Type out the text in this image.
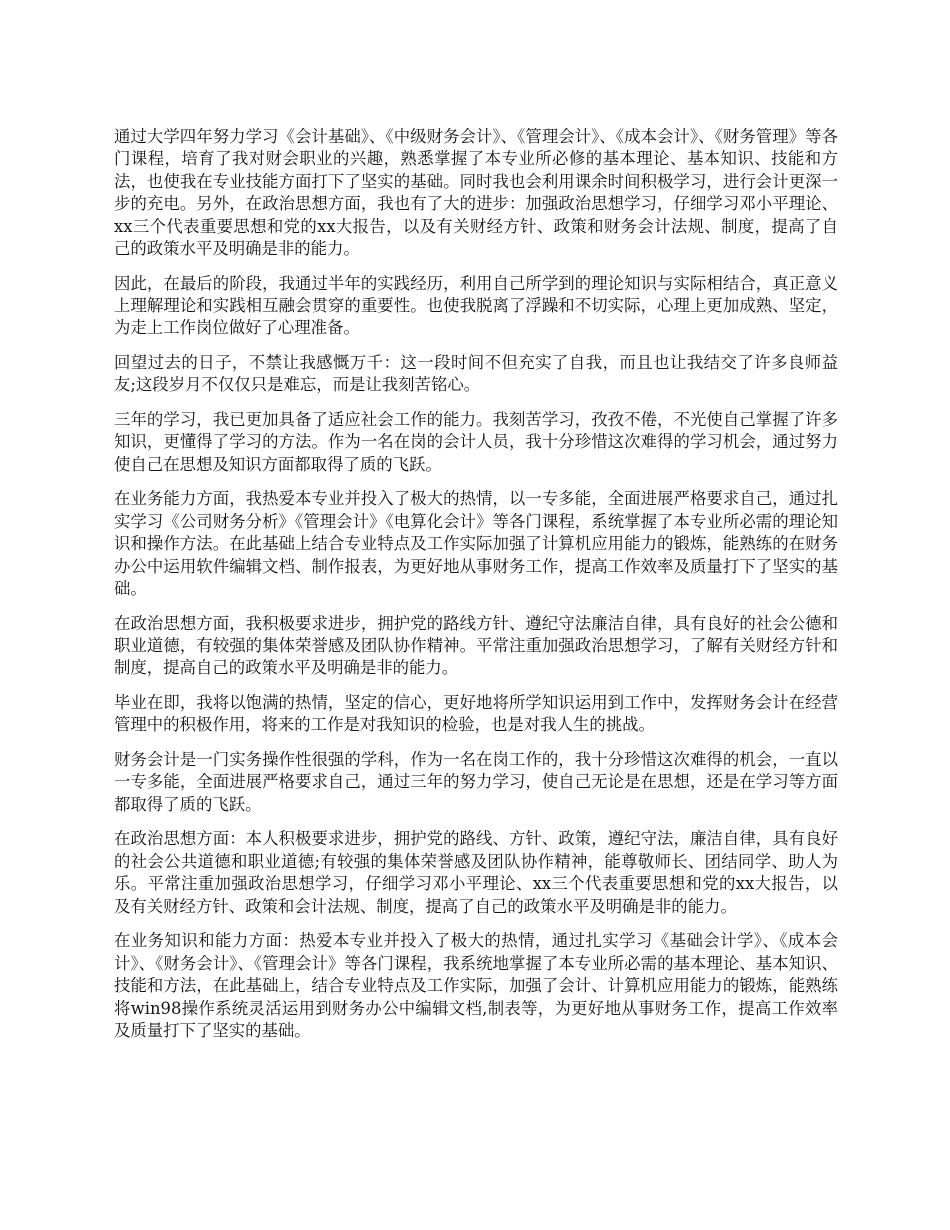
通过大学四年努力学习《会计基础》、《中级财务会计》、《管理会计》、《成本会计》、《财务管理》等各门课程，培育了我对财会职业的兴趣，熟悉掌握了本专业所必修的基本理论、基本知识、技能和方法，也使我在专业技能方面打下了坚实的基础。同时我也会利用课余时间积极学习，进行会计更深一步的充电。另外，在政治思想方面，我也有了大的进步：加强政治思想学习，仔细学习邓小平理论、xx三个代表重要思想和党的xx大报告，以及有关财经方针、政策和财务会计法规、制度，提高了自己的政策水平及明确是非的能力。

因此，在最后的阶段，我通过半年的实践经历，利用自己所学到的理论知识与实际相结合，真正意义上理解理论和实践相互融会贯穿的重要性。也使我脱离了浮躁和不切实际，心理上更加成熟、坚定，为走上工作岗位做好了心理准备。

回望过去的日子，不禁让我感慨万千：这一段时间不但充实了自我，而且也让我结交了许多良师益友;这段岁月不仅仅只是难忘，而是让我刻苦铭心。

三年的学习，我已更加具备了适应社会工作的能力。我刻苦学习，孜孜不倦，不光使自己掌握了许多知识，更懂得了学习的方法。作为一名在岗的会计人员，我十分珍惜这次难得的学习机会，通过努力使自己在思想及知识方面都取得了质的飞跃。

在业务能力方面，我热爱本专业并投入了极大的热情，以一专多能，全面进展严格要求自己，通过扎实学习《公司财务分析》《管理会计》《电算化会计》等各门课程，系统掌握了本专业所必需的理论知识和操作方法。在此基础上结合专业特点及工作实际加强了计算机应用能力的锻炼，能熟练的在财务办公中运用软件编辑文档、制作报表，为更好地从事财务工作，提高工作效率及质量打下了坚实的基础。

在政治思想方面，我积极要求进步，拥护党的路线方针、遵纪守法廉洁自律，具有良好的社会公德和职业道德，有较强的集体荣誉感及团队协作精神。平常注重加强政治思想学习，了解有关财经方针和制度，提高自己的政策水平及明确是非的能力。

毕业在即，我将以饱满的热情，坚定的信心，更好地将所学知识运用到工作中，发挥财务会计在经营管理中的积极作用，将来的工作是对我知识的检验，也是对我人生的挑战。

财务会计是一门实务操作性很强的学科，作为一名在岗工作的，我十分珍惜这次难得的机会，一直以一专多能，全面进展严格要求自己，通过三年的努力学习，使自己无论是在思想，还是在学习等方面都取得了质的飞跃。

在政治思想方面：本人积极要求进步，拥护党的路线、方针、政策，遵纪守法，廉洁自律，具有良好的社会公共道德和职业道德;有较强的集体荣誉感及团队协作精神，能尊敬师长、团结同学、助人为乐。平常注重加强政治思想学习，仔细学习邓小平理论、xx三个代表重要思想和党的xx大报告，以及有关财经方针、政策和会计法规、制度，提高了自己的政策水平及明确是非的能力。

在业务知识和能力方面：热爱本专业并投入了极大的热情，通过扎实学习《基础会计学》、《成本会计》、《财务会计》、《管理会计》等各门课程，我系统地掌握了本专业所必需的基本理论、基本知识、技能和方法，在此基础上，结合专业特点及工作实际，加强了会计、计算机应用能力的锻炼，能熟练将win98操作系统灵活运用到财务办公中编辑文档,制表等，为更好地从事财务工作，提高工作效率及质量打下了坚实的基础。
